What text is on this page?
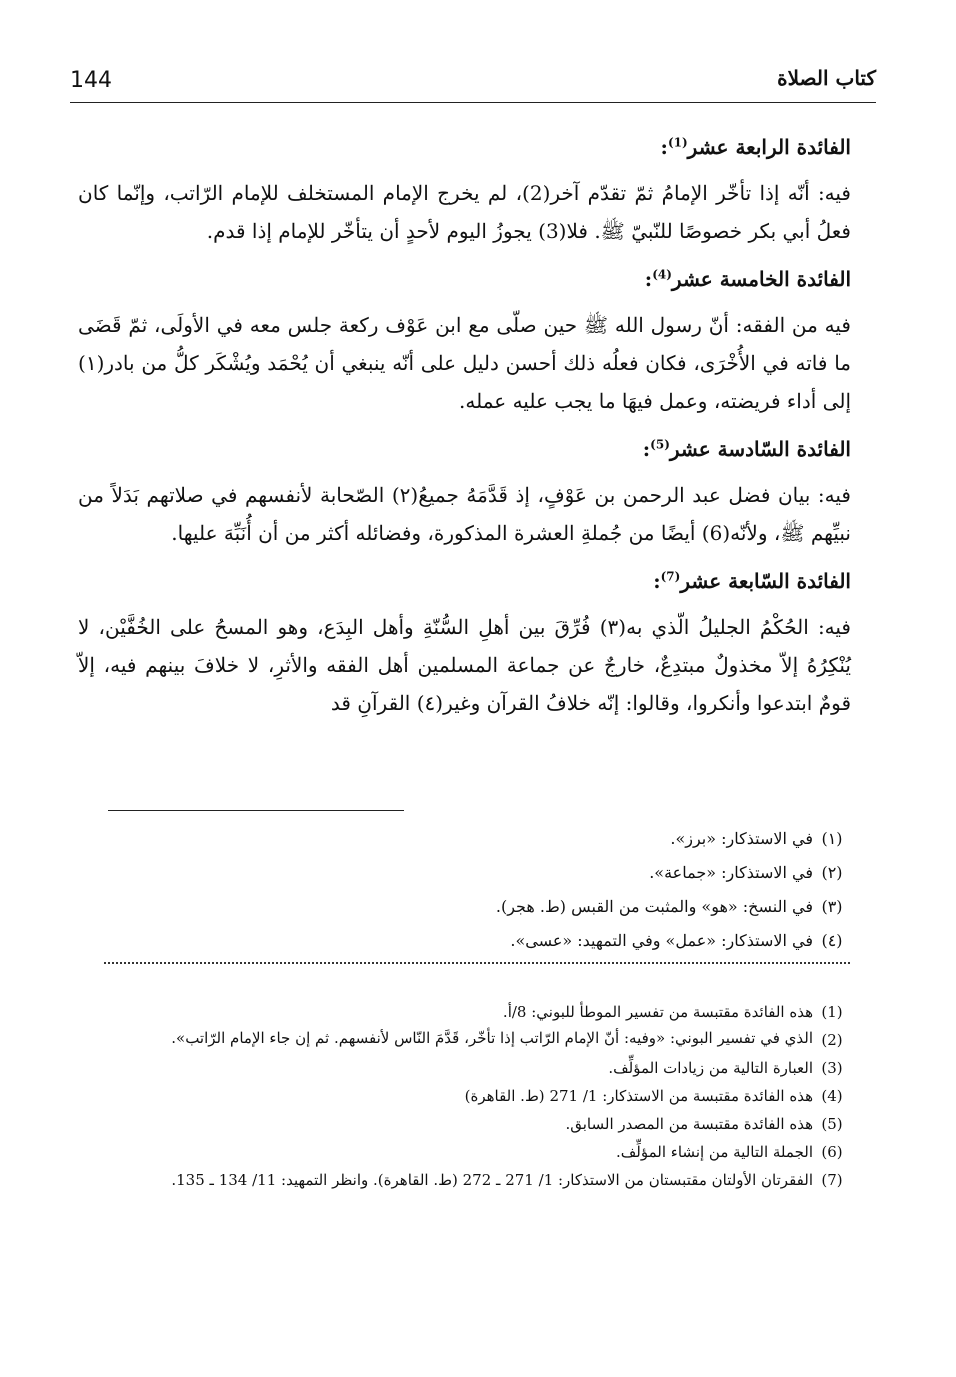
كتاب الصلاة
144
الفائدة الرابعة عشر$^{(1)}$:

فيه: أنّه إذا تأخّر الإمامُ ثمّ تقدّم آخر(2)، لم يخرج الإمام المستخلف للإمام الرّاتب، وإنّما كان فعلُ أبي بكر خصوصًا للنّبيّ ﷺ. فلا(3) يجوزُ اليوم لأحدٍ أن يتأخّر للإمام إذا قدم.

الفائدة الخامسة عشر$^{(4)}$:

فيه من الفقه: أنّ رسول الله ﷺ حين صلّى مع ابن عَوْف ركعة جلس معه في الأولَى، ثمّ قَضَى ما فاته في الأُخْرَى، فكان فعلُه ذلك أحسن دليل على أنّه ينبغي أن يُحْمَد ويُشْكَر كلُّ من بادر(١) إلى أداء فريضته، وعمل فيهَا ما يجب عليه عمله.

الفائدة السّادسة عشر$^{(5)}$:

فيه: بيان فضل عبد الرحمن بن عَوْفٍ، إذ قَدَّمَهُ جميعُ(٢) الصّحابة لأنفسهم في صلاتهم بَدَلاً من نبيِّهم ﷺ، ولأنّه(6) أيضًا من جُملةِ العشرة المذكورة، وفضائله أكثر من أن أُنَبِّهَ عليها.

الفائدة السّابعة عشر$^{(7)}$:

فيه: الحُكْمُ الجليلُ الّذي به(٣) فُرِّقَ بين أهلِ السُّنّةِ وأهل البِدَع، وهو المسحُ على الخُفَّيْن، لا يُنْكِرُهُ إلاّ مخذولٌ مبتدِعٌ، خارجٌ عن جماعة المسلمين أهل الفقه والأثرِ، لا خلافَ بينهم فيه، إلاّ قومٌ ابتدعوا وأنكروا، وقالوا: إنّه خلافُ القرآن وغير(٤) القرآنِ قد

(١)
في الاستذكار: «برز».
(٢)
في الاستذكار: «جماعة».
(٣)
في النسخ: «هو» والمثبت من القبس (ط. هجر).
(٤)
في الاستذكار: «عمل» وفي التمهيد: «عسى».
(1)
هذه الفائدة مقتبسة من تفسير الموطأ للبوني: 8/أ.
(2)
الذي في تفسير البوني: «وفيه: أنّ الإمام الرّاتب إذا تأخّر، قَدَّمَ النّاس لأنفسهم. ثم إن جاء الإمام الرّاتب».
(3)
العبارة التالية من زيادات المؤلِّف.
(4)
هذه الفائدة مقتبسة من الاستذكار: 1/ 271 (ط. القاهرة)
(5)
هذه الفائدة مقتبسة من المصدر السابق.
(6)
الجملة التالية من إنشاء المؤلِّف.
(7)
الفقرتان الأولتان مقتبستان من الاستذكار: 1/ 271 ـ 272 (ط. القاهرة). وانظر التمهيد: 11/ 134 ـ 135.
